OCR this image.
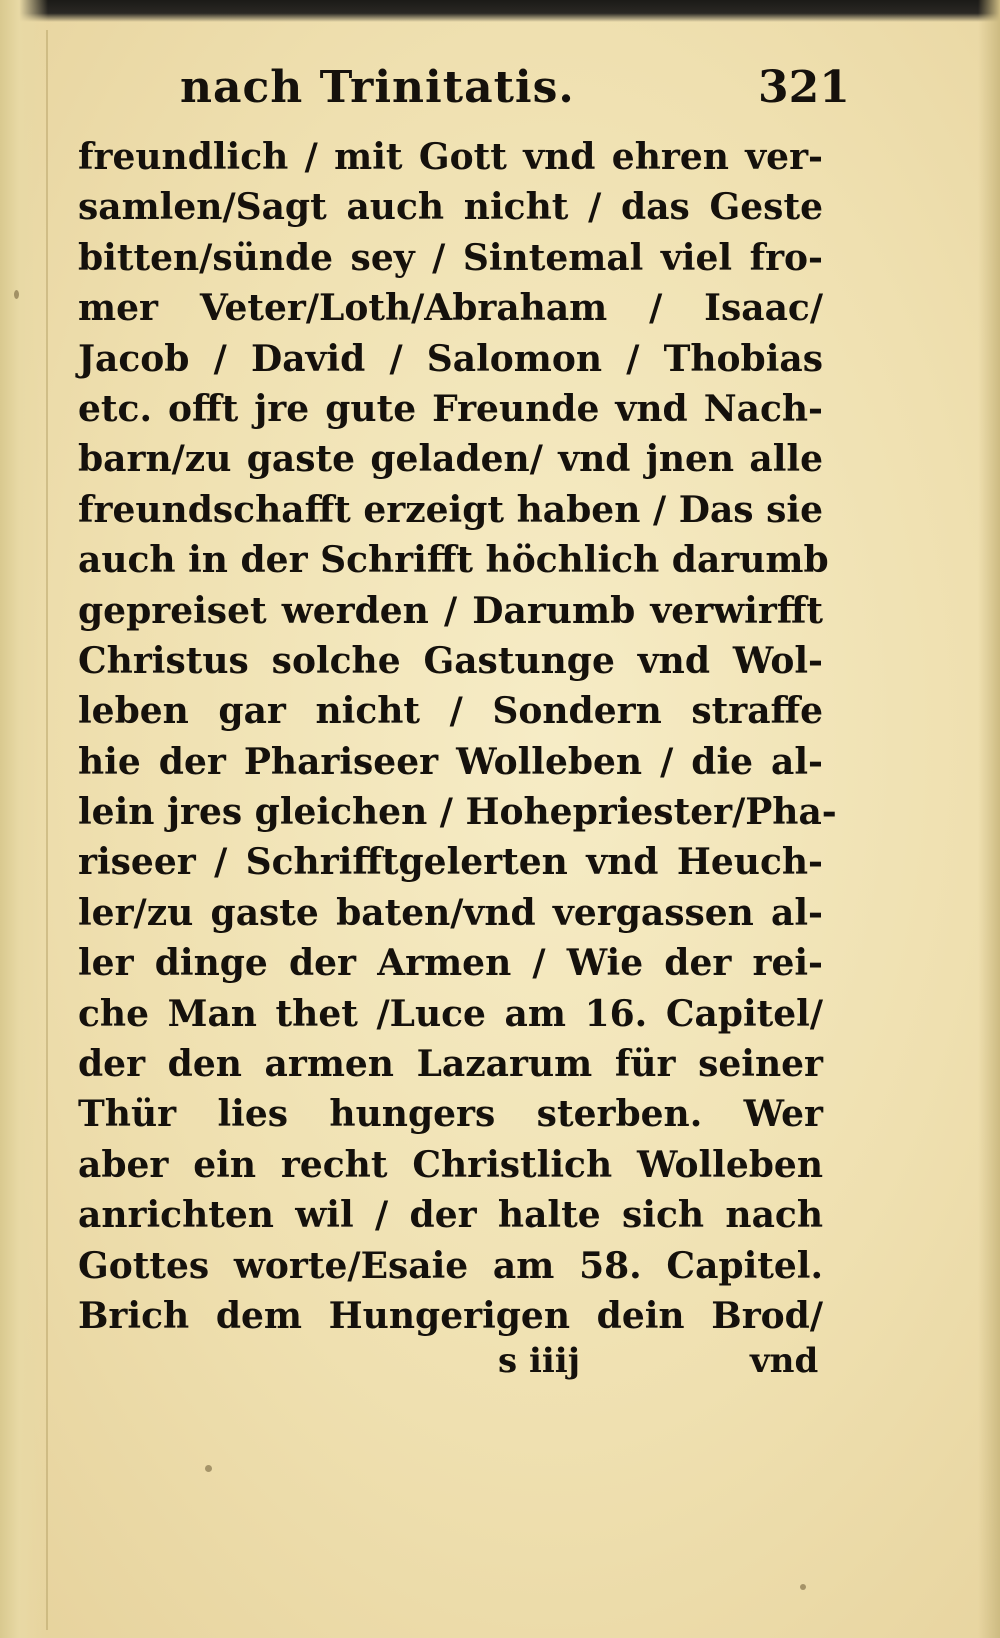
nach Trinitatis.	321
freundlich / mit Gott vnd ehren ver-
samlen/Sagt auch nicht / das Geste
bitten/sünde sey / Sintemal viel fro-
mer Veter/Loth/Abraham / Isaac/
Jacob / David / Salomon / Thobias
etc. offt jre gute Freunde vnd Nach-
barn/zu gaste geladen/ vnd jnen alle
freundschafft erzeigt haben / Das sie
auch in der Schrifft höchlich darumb
gepreiset werden / Darumb verwirfft
Christus solche Gastunge vnd Wol-
leben gar nicht / Sondern straffe
hie der Phariseer Wolleben / die al-
lein jres gleichen / Hohepriester/Pha-
riseer / Schrifftgelerten vnd Heuch-
ler/zu gaste baten/vnd vergassen al-
ler dinge der Armen / Wie der rei-
che Man thet /Luce am 16. Capitel/
der den armen Lazarum für seiner
Thür lies hungers sterben. Wer
aber ein recht Christlich Wolleben
anrichten wil / der halte sich nach
Gottes worte/Esaie am 58. Capitel.
Brich dem Hungerigen dein Brod/
s iiij	vnd
